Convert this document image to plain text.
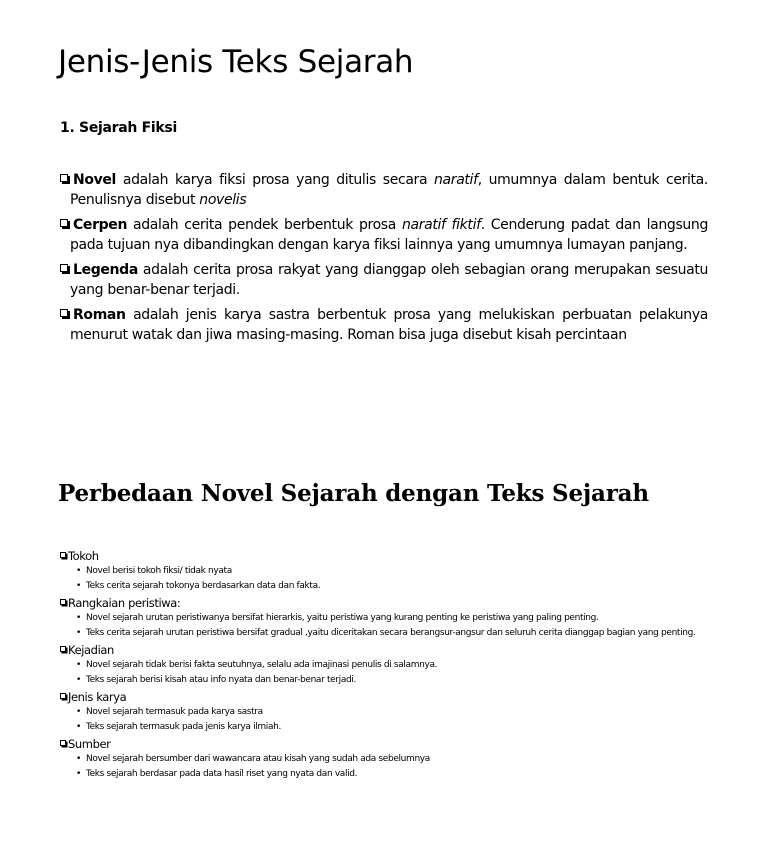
Jenis-Jenis Teks Sejarah
1. Sejarah Fiksi
Novel adalah karya fiksi prosa yang ditulis secara naratif, umumnya dalam bentuk cerita. Penulisnya disebut novelis
Cerpen adalah cerita pendek berbentuk prosa naratif fiktif. Cenderung padat dan langsung pada tujuan nya dibandingkan dengan karya fiksi lainnya yang umumnya lumayan panjang.
Legenda adalah cerita prosa rakyat yang dianggap oleh sebagian orang merupakan sesuatu yang benar-benar terjadi.
Roman adalah jenis karya sastra berbentuk prosa yang melukiskan perbuatan pelakunya menurut watak dan jiwa masing-masing. Roman bisa juga disebut kisah percintaan
Perbedaan Novel Sejarah dengan Teks Sejarah
Tokoh
• Novel berisi tokoh fiksi/ tidak nyata
• Teks cerita sejarah tokonya berdasarkan data dan fakta.
Rangkaian peristiwa:
• Novel sejarah urutan peristiwanya bersifat hierarkis, yaitu peristiwa yang kurang penting ke peristiwa yang paling penting.
• Teks cerita sejarah urutan peristiwa bersifat gradual ,yaitu diceritakan secara berangsur-angsur dan seluruh cerita dianggap bagian yang penting.
Kejadian
• Novel sejarah tidak berisi fakta seutuhnya, selalu ada imajinasi penulis di salamnya.
• Teks sejarah berisi kisah atau info nyata dan benar-benar terjadi.
Jenis karya
• Novel sejarah termasuk pada karya sastra
• Teks sejarah termasuk pada jenis karya ilmiah.
Sumber
• Novel sejarah bersumber dari wawancara atau kisah yang sudah ada sebelumnya
• Teks sejarah berdasar pada data hasil riset yang nyata dan valid.
